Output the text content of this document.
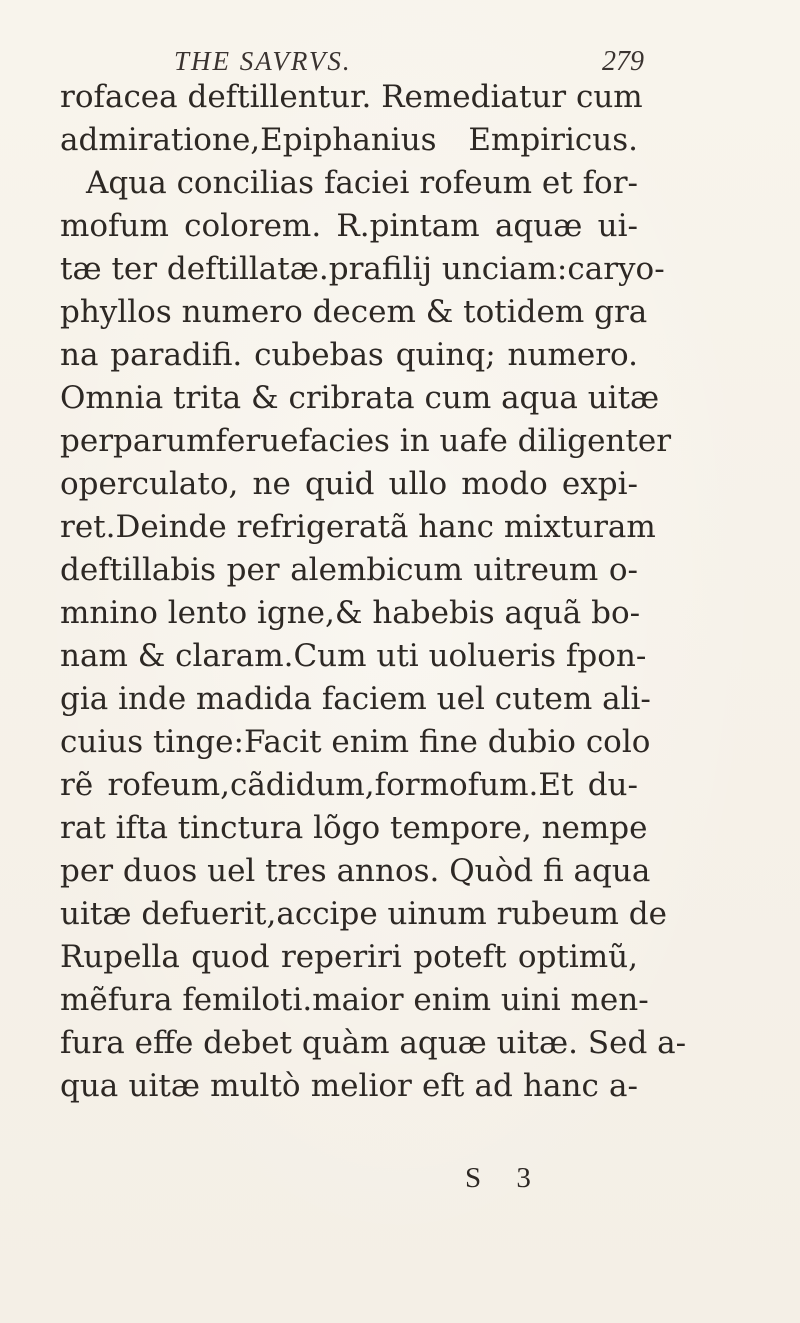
THE SAVRVS.	279
rofacea deftillentur. Remediatur cum
admiratione,Epiphanius Empiricus.
Aqua concilias faciei rofeum et for-
mofum colorem. R.pintam aquæ ui-
tæ ter deftillatæ.prafilij unciam:caryo-
phyllos numero decem & totidem gra
na paradifi. cubebas quinq; numero.
Omnia trita & cribrata cum aqua uitæ
perparumferuefacies in uafe diligenter
operculato, ne quid ullo modo expi-
ret.Deinde refrigeratã hanc mixturam
deftillabis per alembicum uitreum o-
mnino lento igne,& habebis aquã bo-
nam & claram.Cum uti uolueris fpon-
gia inde madida faciem uel cutem ali-
cuius tinge:Facit enim fine dubio colo
rẽ rofeum,cãdidum,formofum.Et du-
rat ifta tinctura lõgo tempore, nempe
per duos uel tres annos. Quòd fi aqua
uitæ defuerit,accipe uinum rubeum de
Rupella quod reperiri poteft optimũ,
mẽfura femiloti.maior enim uini men-
fura effe debet quàm aquæ uitæ. Sed a-
qua uitæ multò melior eft ad hanc a-
S 3
